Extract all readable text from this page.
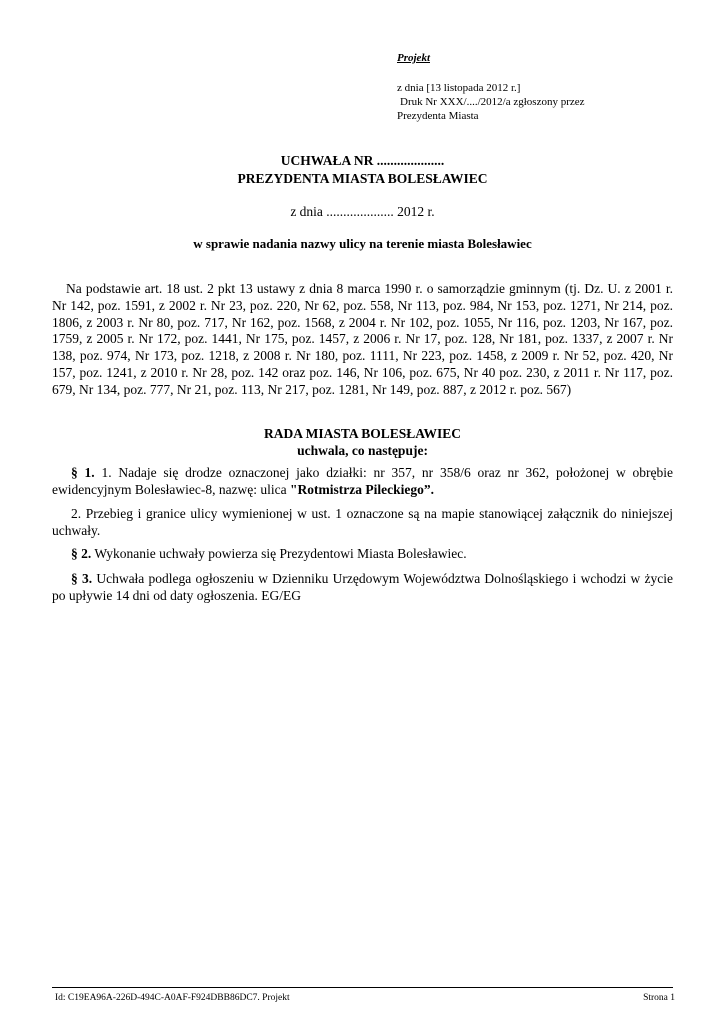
Projekt
z dnia [13 listopada 2012 r.]
Druk Nr XXX/..../2012/a zgłoszony przez
Prezydenta Miasta
UCHWAŁA NR ....................
PREZYDENTA MIASTA BOLESŁAWIEC
z dnia .................... 2012 r.
w sprawie nadania nazwy ulicy na terenie miasta Bolesławiec
Na podstawie art. 18 ust. 2 pkt 13 ustawy z dnia 8 marca 1990 r. o samorządzie gminnym (tj. Dz. U. z 2001 r. Nr 142, poz. 1591, z 2002 r. Nr 23, poz. 220, Nr 62, poz. 558, Nr 113, poz. 984, Nr 153, poz. 1271, Nr 214, poz. 1806, z 2003 r. Nr 80, poz. 717, Nr 162, poz. 1568, z 2004 r. Nr 102, poz. 1055, Nr 116, poz. 1203, Nr 167, poz. 1759, z 2005 r. Nr 172, poz. 1441, Nr 175, poz. 1457, z 2006 r. Nr 17, poz. 128, Nr 181, poz. 1337, z 2007 r. Nr 138, poz. 974, Nr 173, poz. 1218, z 2008 r. Nr 180, poz. 1111, Nr 223, poz. 1458, z 2009 r. Nr 52, poz. 420, Nr 157, poz. 1241, z 2010 r. Nr 28, poz. 142 oraz poz. 146, Nr 106, poz. 675, Nr 40 poz. 230, z 2011 r. Nr 117, poz. 679, Nr 134, poz. 777, Nr 21, poz. 113, Nr 217, poz. 1281, Nr 149, poz. 887, z 2012 r. poz. 567)
RADA MIASTA BOLESŁAWIEC
uchwala, co następuje:
§ 1. 1. Nadaje się drodze oznaczonej jako działki: nr 357, nr 358/6 oraz nr 362, położonej w obrębie ewidencyjnym Bolesławiec-8, nazwę: ulica "Rotmistrza Pileckiego”.
2. Przebieg i granice ulicy wymienionej w ust. 1 oznaczone są na mapie stanowiącej załącznik do niniejszej uchwały.
§ 2. Wykonanie uchwały powierza się Prezydentowi Miasta Bolesławiec.
§ 3. Uchwała podlega ogłoszeniu w Dzienniku Urzędowym Województwa Dolnośląskiego i wchodzi w życie po upływie 14 dni od daty ogłoszenia. EG/EG
Id: C19EA96A-226D-494C-A0AF-F924DBB86DC7. Projekt	Strona 1
